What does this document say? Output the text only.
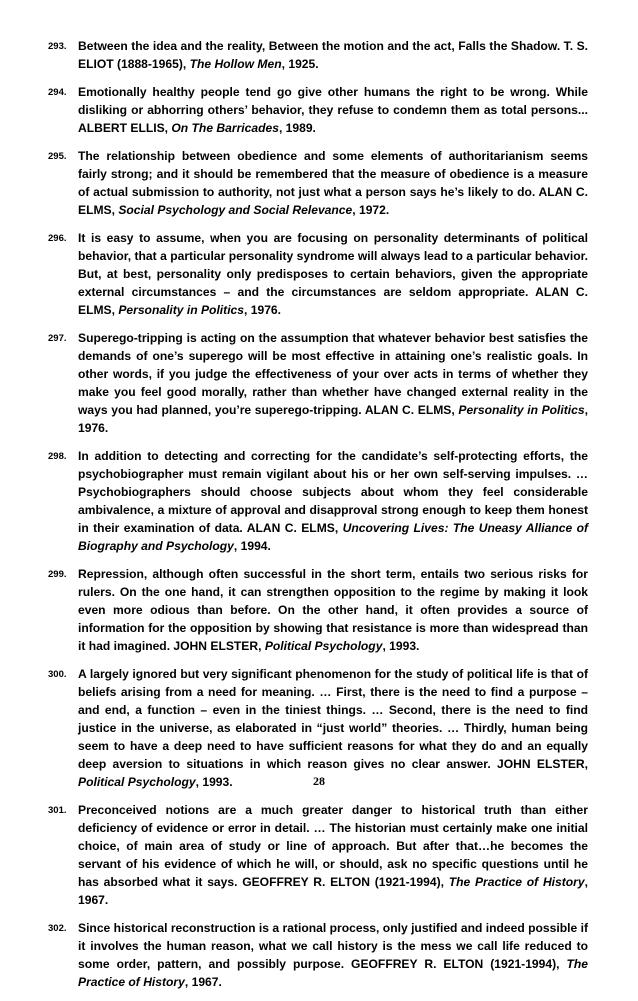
293. Between the idea and the reality, Between the motion and the act, Falls the Shadow. T. S. ELIOT (1888-1965), The Hollow Men, 1925.
294. Emotionally healthy people tend go give other humans the right to be wrong. While disliking or abhorring others’ behavior, they refuse to condemn them as total persons... ALBERT ELLIS, On The Barricades, 1989.
295. The relationship between obedience and some elements of authoritarianism seems fairly strong; and it should be remembered that the measure of obedience is a measure of actual submission to authority, not just what a person says he’s likely to do. ALAN C. ELMS, Social Psychology and Social Relevance, 1972.
296. It is easy to assume, when you are focusing on personality determinants of political behavior, that a particular personality syndrome will always lead to a particular behavior. But, at best, personality only predisposes to certain behaviors, given the appropriate external circumstances – and the circumstances are seldom appropriate. ALAN C. ELMS, Personality in Politics, 1976.
297. Superego-tripping is acting on the assumption that whatever behavior best satisfies the demands of one’s superego will be most effective in attaining one’s realistic goals. In other words, if you judge the effectiveness of your over acts in terms of whether they make you feel good morally, rather than whether have changed external reality in the ways you had planned, you’re superego-tripping. ALAN C. ELMS, Personality in Politics, 1976.
298. In addition to detecting and correcting for the candidate’s self-protecting efforts, the psychobiographer must remain vigilant about his or her own self-serving impulses. … Psychobiographers should choose subjects about whom they feel considerable ambivalence, a mixture of approval and disapproval strong enough to keep them honest in their examination of data. ALAN C. ELMS, Uncovering Lives: The Uneasy Alliance of Biography and Psychology, 1994.
299. Repression, although often successful in the short term, entails two serious risks for rulers. On the one hand, it can strengthen opposition to the regime by making it look even more odious than before. On the other hand, it often provides a source of information for the opposition by showing that resistance is more than widespread than it had imagined. JOHN ELSTER, Political Psychology, 1993.
300. A largely ignored but very significant phenomenon for the study of political life is that of beliefs arising from a need for meaning. … First, there is the need to find a purpose – and end, a function – even in the tiniest things. … Second, there is the need to find justice in the universe, as elaborated in “just world” theories. … Thirdly, human being seem to have a deep need to have sufficient reasons for what they do and an equally deep aversion to situations in which reason gives no clear answer. JOHN ELSTER, Political Psychology, 1993.
301. Preconceived notions are a much greater danger to historical truth than either deficiency of evidence or error in detail. … The historian must certainly make one initial choice, of main area of study or line of approach. But after that…he becomes the servant of his evidence of which he will, or should, ask no specific questions until he has absorbed what it says. GEOFFREY R. ELTON (1921-1994), The Practice of History, 1967.
302. Since historical reconstruction is a rational process, only justified and indeed possible if it involves the human reason, what we call history is the mess we call life reduced to some order, pattern, and possibly purpose. GEOFFREY R. ELTON (1921-1994), The Practice of History, 1967.
28
